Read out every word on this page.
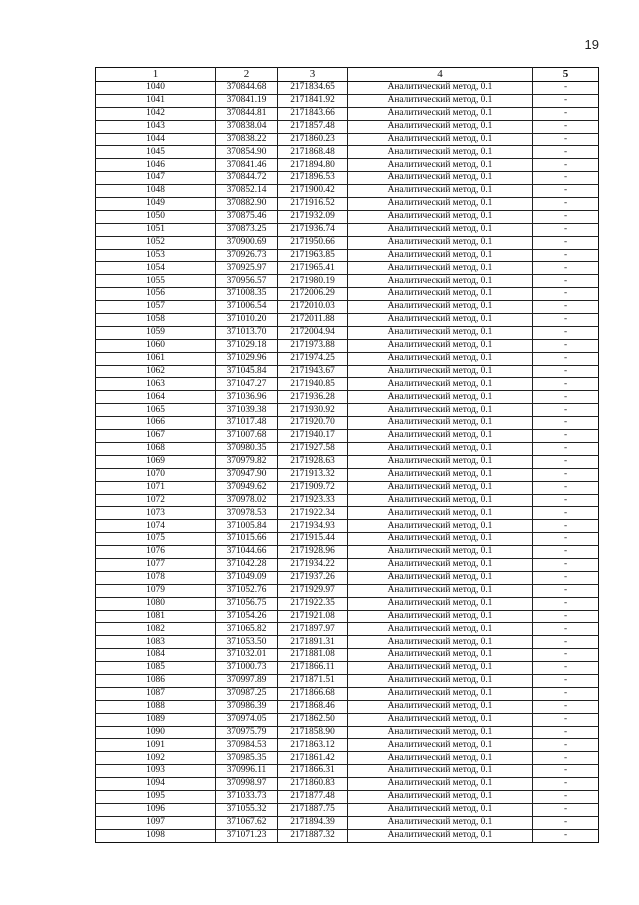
19
1	2	3	4	5
1040	370844.68	2171834.65	Аналитический метод, 0.1	-
1041	370841.19	2171841.92	Аналитический метод, 0.1	-
1042	370844.81	2171843.66	Аналитический метод, 0.1	-
1043	370838.04	2171857.48	Аналитический метод, 0.1	-
1044	370838.22	2171860.23	Аналитический метод, 0.1	-
1045	370854.90	2171868.48	Аналитический метод, 0.1	-
1046	370841.46	2171894.80	Аналитический метод, 0.1	-
1047	370844.72	2171896.53	Аналитический метод, 0.1	-
1048	370852.14	2171900.42	Аналитический метод, 0.1	-
1049	370882.90	2171916.52	Аналитический метод, 0.1	-
1050	370875.46	2171932.09	Аналитический метод, 0.1	-
1051	370873.25	2171936.74	Аналитический метод, 0.1	-
1052	370900.69	2171950.66	Аналитический метод, 0.1	-
1053	370926.73	2171963.85	Аналитический метод, 0.1	-
1054	370925.97	2171965.41	Аналитический метод, 0.1	-
1055	370956.57	2171980.19	Аналитический метод, 0.1	-
1056	371008.35	2172006.29	Аналитический метод, 0.1	-
1057	371006.54	2172010.03	Аналитический метод, 0.1	-
1058	371010.20	2172011.88	Аналитический метод, 0.1	-
1059	371013.70	2172004.94	Аналитический метод, 0.1	-
1060	371029.18	2171973.88	Аналитический метод, 0.1	-
1061	371029.96	2171974.25	Аналитический метод, 0.1	-
1062	371045.84	2171943.67	Аналитический метод, 0.1	-
1063	371047.27	2171940.85	Аналитический метод, 0.1	-
1064	371036.96	2171936.28	Аналитический метод, 0.1	-
1065	371039.38	2171930.92	Аналитический метод, 0.1	-
1066	371017.48	2171920.70	Аналитический метод, 0.1	-
1067	371007.68	2171940.17	Аналитический метод, 0.1	-
1068	370980.35	2171927.58	Аналитический метод, 0.1	-
1069	370979.82	2171928.63	Аналитический метод, 0.1	-
1070	370947.90	2171913.32	Аналитический метод, 0.1	-
1071	370949.62	2171909.72	Аналитический метод, 0.1	-
1072	370978.02	2171923.33	Аналитический метод, 0.1	-
1073	370978.53	2171922.34	Аналитический метод, 0.1	-
1074	371005.84	2171934.93	Аналитический метод, 0.1	-
1075	371015.66	2171915.44	Аналитический метод, 0.1	-
1076	371044.66	2171928.96	Аналитический метод, 0.1	-
1077	371042.28	2171934.22	Аналитический метод, 0.1	-
1078	371049.09	2171937.26	Аналитический метод, 0.1	-
1079	371052.76	2171929.97	Аналитический метод, 0.1	-
1080	371056.75	2171922.35	Аналитический метод, 0.1	-
1081	371054.26	2171921.08	Аналитический метод, 0.1	-
1082	371065.82	2171897.97	Аналитический метод, 0.1	-
1083	371053.50	2171891.31	Аналитический метод, 0.1	-
1084	371032.01	2171881.08	Аналитический метод, 0.1	-
1085	371000.73	2171866.11	Аналитический метод, 0.1	-
1086	370997.89	2171871.51	Аналитический метод, 0.1	-
1087	370987.25	2171866.68	Аналитический метод, 0.1	-
1088	370986.39	2171868.46	Аналитический метод, 0.1	-
1089	370974.05	2171862.50	Аналитический метод, 0.1	-
1090	370975.79	2171858.90	Аналитический метод, 0.1	-
1091	370984.53	2171863.12	Аналитический метод, 0.1	-
1092	370985.35	2171861.42	Аналитический метод, 0.1	-
1093	370996.11	2171866.31	Аналитический метод, 0.1	-
1094	370998.97	2171860.83	Аналитический метод, 0.1	-
1095	371033.73	2171877.48	Аналитический метод, 0.1	-
1096	371055.32	2171887.75	Аналитический метод, 0.1	-
1097	371067.62	2171894.39	Аналитический метод, 0.1	-
1098	371071.23	2171887.32	Аналитический метод, 0.1	-
